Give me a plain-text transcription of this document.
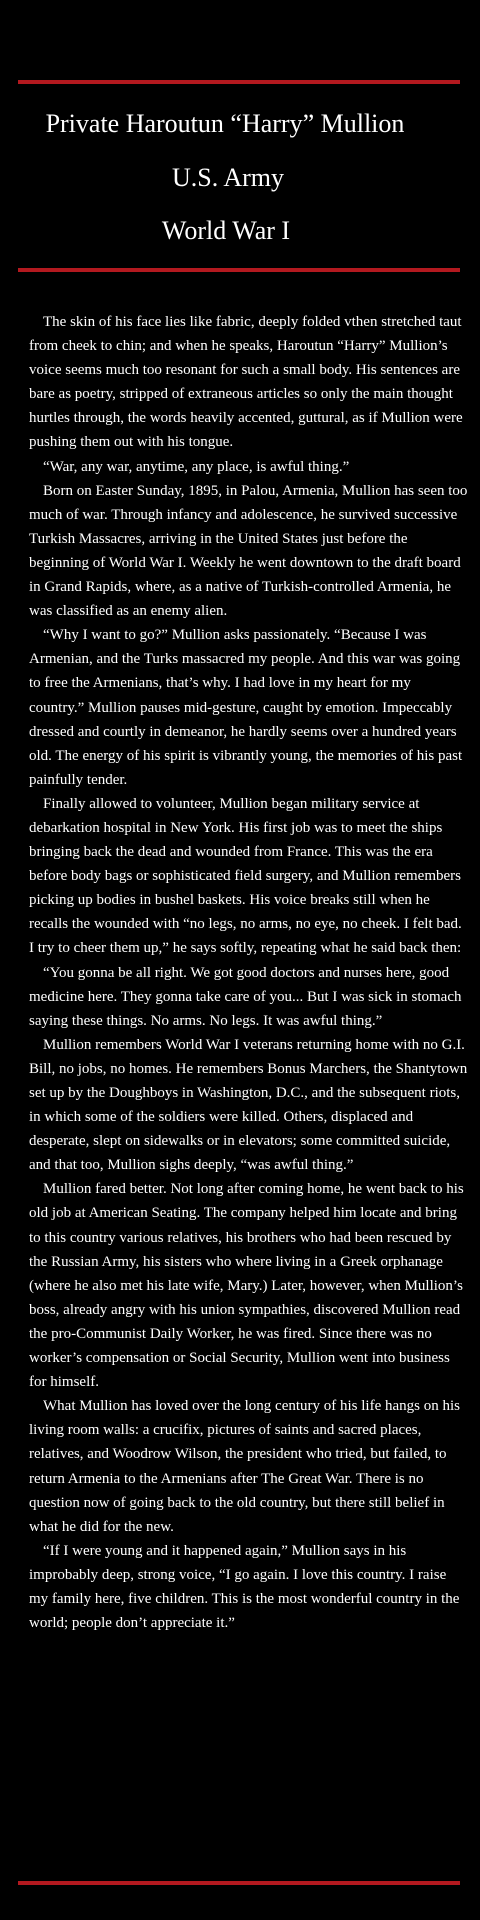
Private Haroutun “Harry” Mullion
U.S. Army
World War I

The skin of his face lies like fabric, deeply folded vthen stretched taut from cheek to chin; and when he speaks, Haroutun “Harry” Mullion’s voice seems much too resonant for such a small body. His sentences are bare as poetry, stripped of extraneous articles so only the main thought hurtles through, the words heavily accented, guttural, as if Mullion were pushing them out with his tongue.

“War, any war, anytime, any place, is awful thing.”

Born on Easter Sunday, 1895, in Palou, Armenia, Mullion has seen too much of war. Through infancy and adolescence, he survived successive Turkish Massacres, arriving in the United States just before the beginning of World War I. Weekly he went downtown to the draft board in Grand Rapids, where, as a native of Turkish-controlled Armenia, he was classified as an enemy alien.

“Why I want to go?” Mullion asks passionately. “Because I was Armenian, and the Turks massacred my people. And this war was going to free the Armenians, that’s why. I had love in my heart for my country.” Mullion pauses mid-gesture, caught by emotion. Impeccably dressed and courtly in demeanor, he hardly seems over a hundred years old. The energy of his spirit is vibrantly young, the memories of his past painfully tender.

Finally allowed to volunteer, Mullion began military service at debarkation hospital in New York. His first job was to meet the ships bringing back the dead and wounded from France. This was the era before body bags or sophisticated field surgery, and Mullion remembers picking up bodies in bushel baskets. His voice breaks still when he recalls the wounded with “no legs, no arms, no eye, no cheek. I felt bad. I try to cheer them up,” he says softly, repeating what he said back then:

“You gonna be all right. We got good doctors and nurses here, good medicine here. They gonna take care of you... But I was sick in stomach saying these things. No arms. No legs. It was awful thing.”

Mullion remembers World War I veterans returning home with no G.I. Bill, no jobs, no homes. He remembers Bonus Marchers, the Shantytown set up by the Doughboys in Washington, D.C., and the subsequent riots, in which some of the soldiers were killed. Others, displaced and desperate, slept on sidewalks or in elevators; some committed suicide, and that too, Mullion sighs deeply, “was awful thing.”

Mullion fared better. Not long after coming home, he went back to his old job at American Seating. The company helped him locate and bring to this country various relatives, his brothers who had been rescued by the Russian Army, his sisters who where living in a Greek orphanage (where he also met his late wife, Mary.) Later, however, when Mullion’s boss, already angry with his union sympathies, discovered Mullion read the pro-Communist Daily Worker, he was fired. Since there was no worker’s compensation or Social Security, Mullion went into business for himself.

What Mullion has loved over the long century of his life hangs on his living room walls: a crucifix, pictures of saints and sacred places, relatives, and Woodrow Wilson, the president who tried, but failed, to return Armenia to the Armenians after The Great War. There is no question now of going back to the old country, but there still belief in what he did for the new.

“If I were young and it happened again,” Mullion says in his improbably deep, strong voice, “I go again. I love this country. I raise my family here, five children. This is the most wonderful country in the world; people don’t appreciate it.”
